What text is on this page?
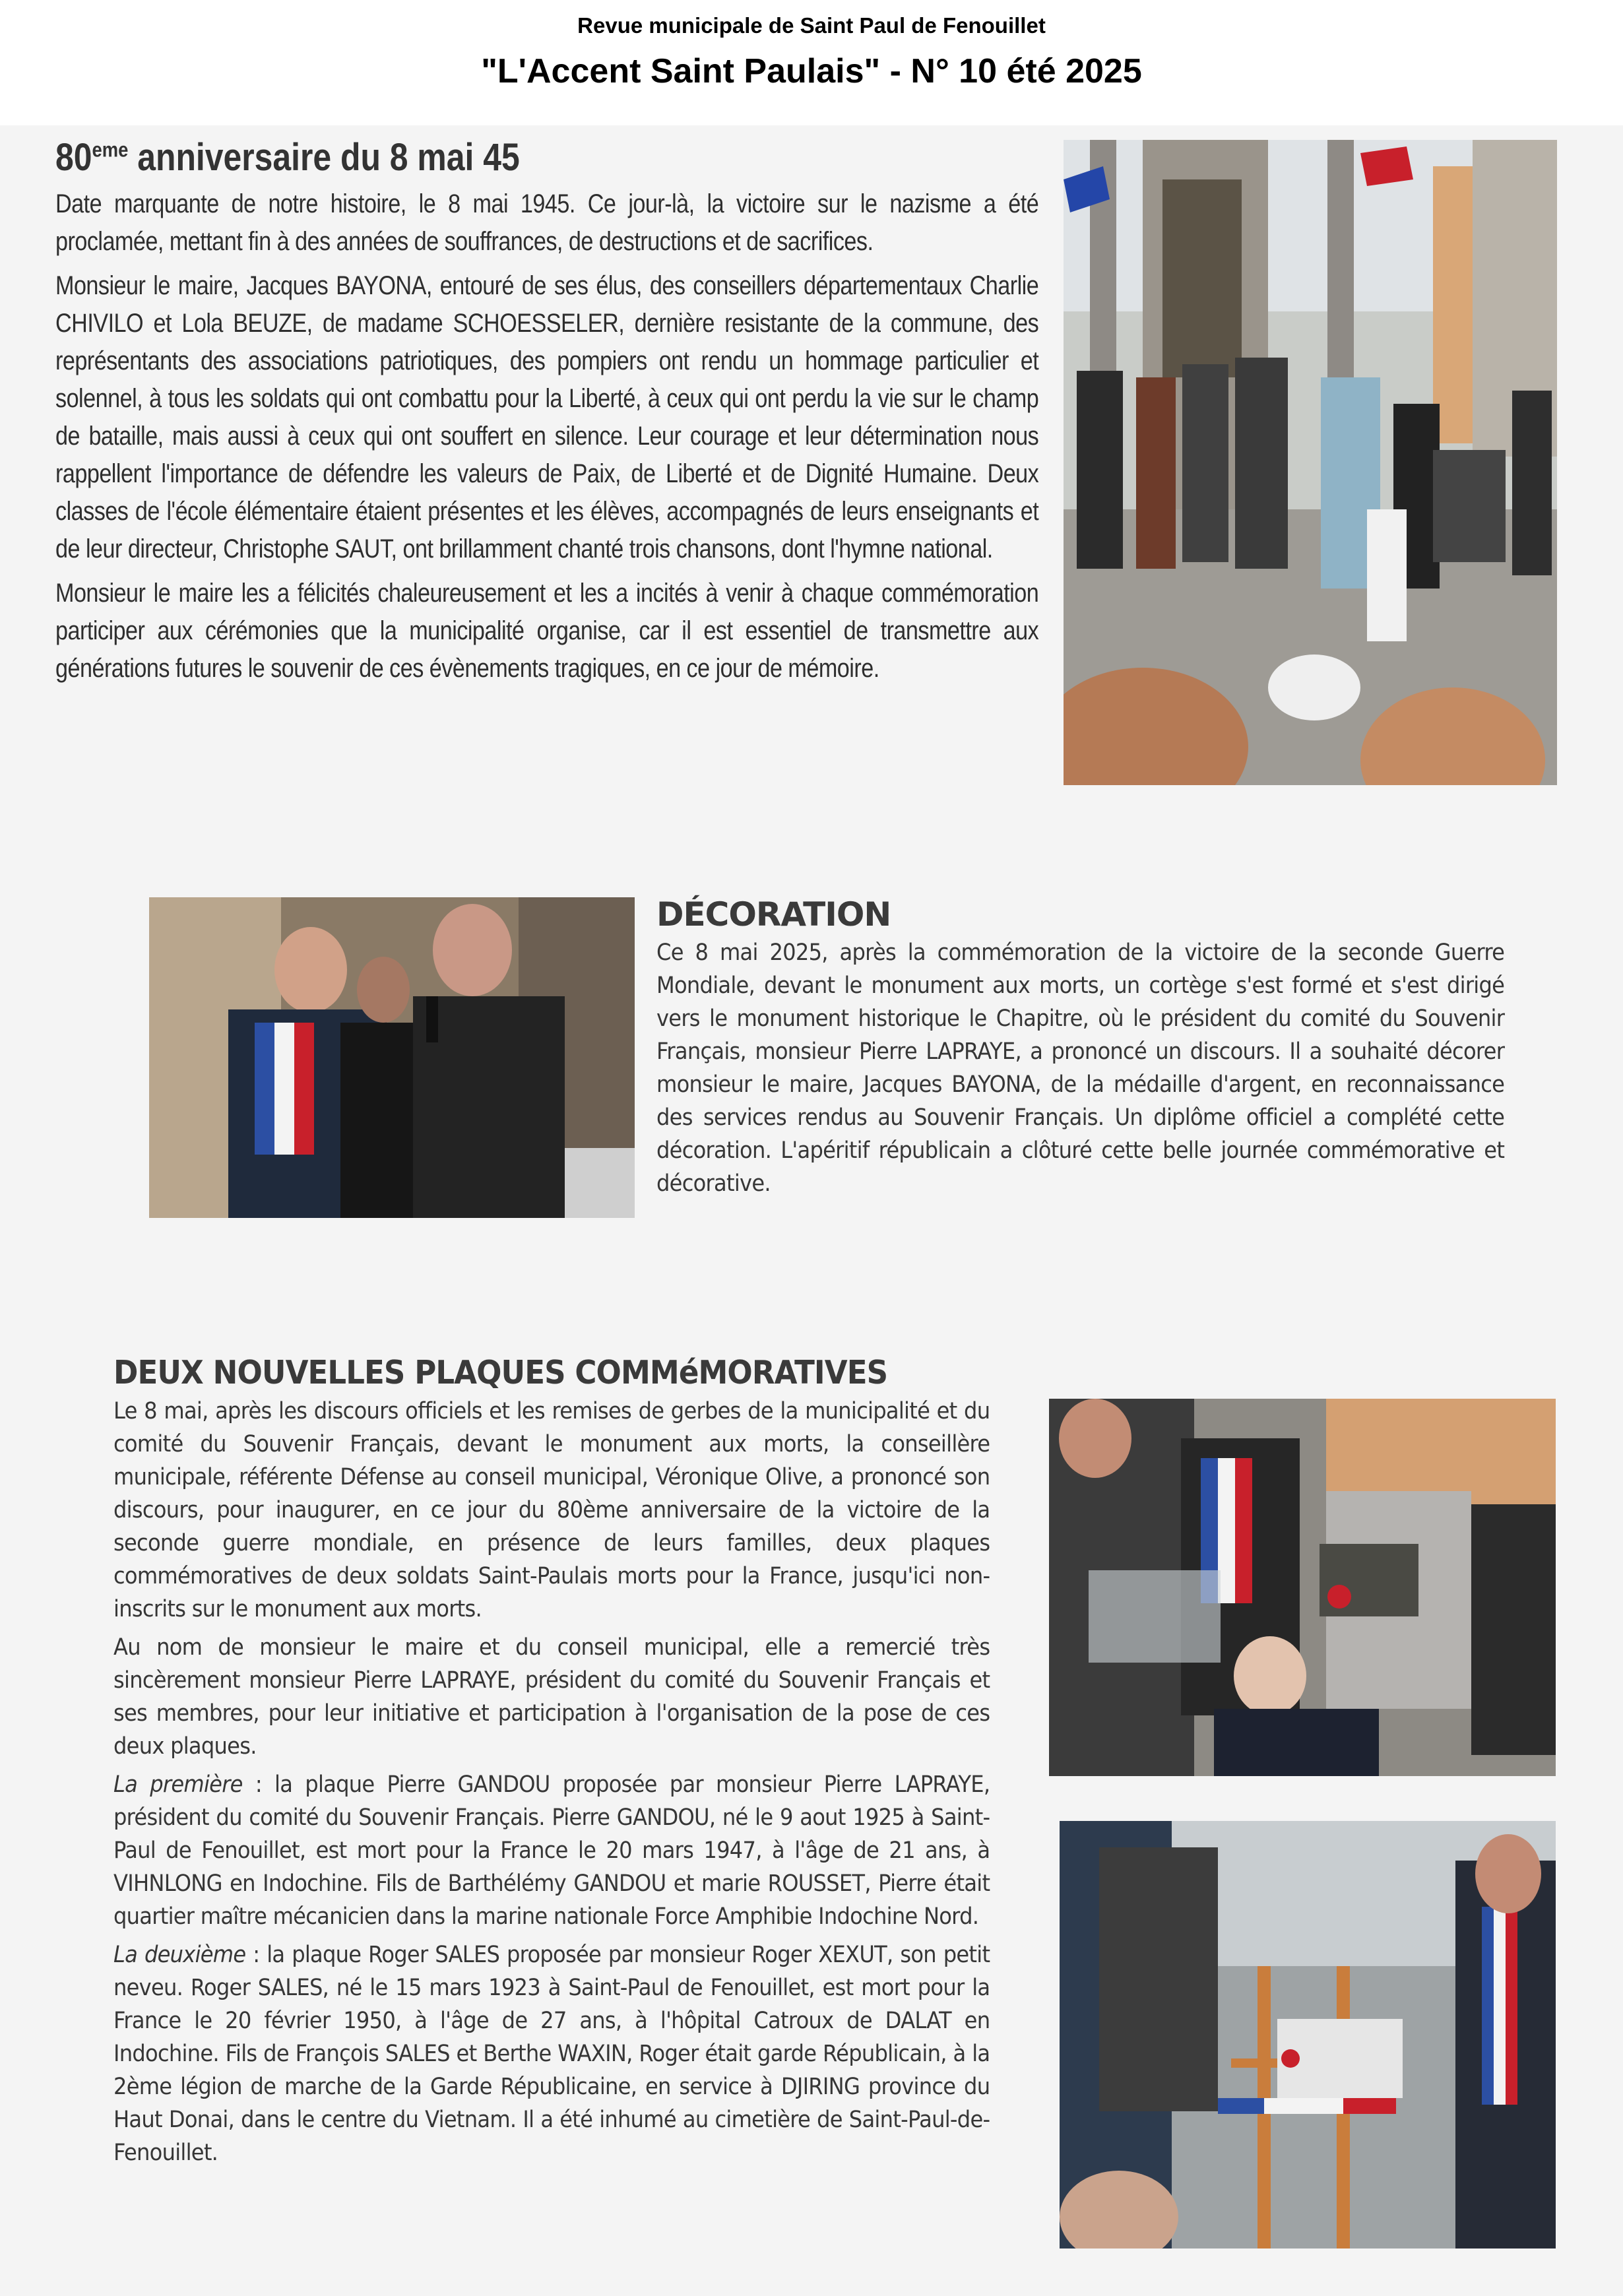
Revue municipale de Saint Paul de Fenouillet
"L'Accent Saint Paulais" - N° 10 été 2025
80eme anniversaire du 8 mai 45

Date marquante de notre histoire, le 8 mai 1945. Ce jour-là, la victoire sur le nazisme a été proclamée, mettant fin à des années de souffrances, de destructions et de sacrifices.

Monsieur le maire, Jacques BAYONA, entouré de ses élus, des conseillers départementaux Charlie CHIVILO et Lola BEUZE, de madame SCHOESSELER, dernière resistante de la commune, des représentants des associations patriotiques, des pompiers ont rendu un hommage particulier et solennel, à tous les soldats qui ont combattu pour la Liberté, à ceux qui ont perdu la vie sur le champ de bataille, mais aussi à ceux qui ont souffert en silence. Leur courage et leur détermination nous rappellent l'importance de défendre les valeurs de Paix, de Liberté et de Dignité Humaine. Deux classes de l'école élémentaire étaient présentes et les élèves, accompagnés de leurs enseignants et de leur directeur, Christophe SAUT, ont brillamment chanté trois chansons, dont l'hymne national.

Monsieur le maire les a félicités chaleureusement et les a incités à venir à chaque commémoration participer aux cérémonies que la municipalité organise, car il est essentiel de transmettre aux générations futures le souvenir de ces évènements tragiques, en ce jour de mémoire.

DÉCORATION

Ce 8 mai 2025, après la commémoration de la victoire de la seconde Guerre Mondiale, devant le monument aux morts, un cortège s'est formé et s'est dirigé vers le monument historique le Chapitre, où le président du comité du Souvenir Français, monsieur Pierre LAPRAYE, a prononcé un discours. Il a souhaité décorer monsieur le maire, Jacques BAYONA, de la médaille d'argent, en reconnaissance des services rendus au Souvenir Français. Un diplôme officiel a complété cette décoration. L'apéritif républicain a clôturé cette belle journée commémorative et décorative.

DEUX NOUVELLES PLAQUES COMMéMORATIVES

Le 8 mai, après les discours officiels et les remises de gerbes de la municipalité et du comité du Souvenir Français, devant le monument aux morts, la conseillère municipale, référente Défense au conseil municipal, Véronique Olive, a prononcé son discours, pour inaugurer, en ce jour du 80ème anniversaire de la victoire de la seconde guerre mondiale, en présence de leurs familles, deux plaques commémoratives de deux soldats Saint-Paulais morts pour la France, jusqu'ici non-inscrits sur le monument aux morts.

Au nom de monsieur le maire et du conseil municipal, elle a remercié très sincèrement monsieur Pierre LAPRAYE, président du comité du Souvenir Français et ses membres, pour leur initiative et participation à l'organisation de la pose de ces deux plaques.

La première : la plaque Pierre GANDOU proposée par monsieur Pierre LAPRAYE, président du comité du Souvenir Français. Pierre GANDOU, né le 9 aout 1925 à Saint-Paul de Fenouillet, est mort pour la France le 20 mars 1947, à l'âge de 21 ans, à VIHNLONG en Indochine. Fils de Barthélémy GANDOU et marie ROUSSET, Pierre était quartier maître mécanicien dans la marine nationale Force Amphibie Indochine Nord.

La deuxième : la plaque Roger SALES proposée par monsieur Roger XEXUT, son petit neveu. Roger SALES, né le 15 mars 1923 à Saint-Paul de Fenouillet, est mort pour la France le 20 février 1950, à l'âge de 27 ans, à l'hôpital Catroux de DALAT en Indochine. Fils de François SALES et Berthe WAXIN, Roger était garde Républicain, à la 2ème légion de marche de la Garde Républicaine, en service à DJIRING province du Haut Donai, dans le centre du Vietnam. Il a été inhumé au cimetière de Saint-Paul-de-Fenouillet.
